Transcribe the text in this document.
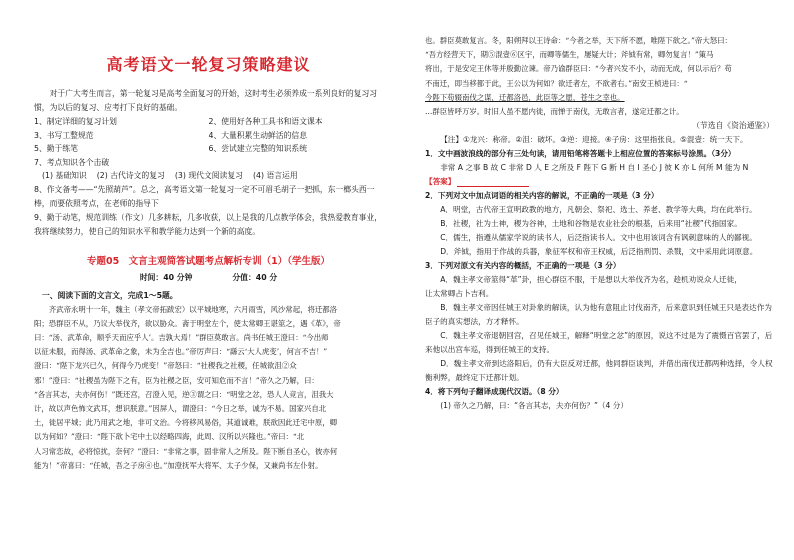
高考语文一轮复习策略建议

对于广大考生而言，第一轮复习是高考全面复习的开始，这时考生必须养成一系列良好的复习习惯，为以后的复习、应考打下良好的基础。

1、制定详细的复习计划	2、使用好各种工具书和语文课本
3、书写工整规范	4、大量积累生动鲜活的信息
5、勤于练笔	6、尝试建立完整的知识系统
7、考点知识各个击破
(1) 基础知识 (2) 古代诗文的复习 (3) 现代文阅读复习 (4) 语言运用

8、作文备考——“先照葫芦”。总之，高考语文第一轮复习一定不可眉毛胡子一把抓，东一榔头西一棒，而要依照考点，在老师的指导下

9、勤于动笔，规范训练（作文）几多耕耘，几多收获，以上是我的几点教学体会，我热爱教育事业，我将继续努力，使自己的知识水平和教学能力达到一个新的高度。

专题05　文言主观简答试题考点解析专训（1）（学生版）
时间：40 分钟	分值：40 分
一、阅读下面的文言文，完成1～5题。

齐武帝永明十一年，魏主（孝文帝拓跋宏）以平城地寒，六月雨雪，风沙常起，将迁都洛

阳；恐群臣不从，乃议大举伐齐，欲以胁众。斋于明堂左个，使太常卿王谌筮之，遇《革》，帝

曰：“汤、武革命，顺乎天而应乎人’。吉孰大焉！”群臣莫敢言。尚书任城王澄曰：“今出师

以征未服，而得汤、武革命之象，未为全吉也。”帝厉声曰：“繇云‘大人虎变’，何言不吉！”

澄曰：“陛下龙兴已久，何得今乃虎变！”帝怒曰：“社稷我之社稷，任城欲沮②众

邪！”澄曰：“社稷虽为陛下之有，臣为社稷之臣，安可知危而不言！”帝久之乃解，曰：

“各言其志，夫亦何伤！”既还宫，召澄入见，逆③谓之曰：“明堂之忿，恐人人竞言，沮我大

计，故以声色怖文武耳，想识朕意。”因屏人，谓澄曰：“今日之举，诚为不易。国家兴自北

土，徙居平城；此乃用武之地，非可文治。今将移风易俗，其道诚难，朕欲因此迁宅中原，卿

以为何如？”澄曰：“陛下欲卜宅中土以经略四海，此周、汉所以兴隆也。”帝曰：“北

人习常恋故，必将惊扰，奈何？”澄曰：“非常之事，固非常人之所及。陛下断自圣心，彼亦何

能为！”帝喜曰：“任城，吾之子房④也。”加澄抚军大将军、太子少保，又兼尚书左仆射。

也。群臣莫敢复言。冬，阳朔拜以王诗命：“今者之举，天下所不愿，唯陛下欲之。”帝大怒曰：

“吾方经营天下，期⑤混壹⑥区宇，而卿等儒生，屡疑大计；斧钺有常，卿勿复言！”策马

将出，于是安定王休等并殷勤泣谏。帝乃谕群臣曰：“今者兴发不小，动而无成，何以示后？苟

不南迁，即当移都于此，王公以为何如？欲迁者左，不欲者右。”南安王桢进曰：“

今陛下苟辍南伐之谋，迁都洛邑，此臣等之愿，苍生之幸也。

…群臣皆呼万岁。时旧人虽不愿内徙，而惮于南伐，无敢言者，遂定迁都之计。

（节选自《资治通鉴》）

【注】①龙兴：称帝。②沮：破坏。③逆：迎接。④子房：这里指张良。⑤混壹：统一天下。

1．文中画波浪线的部分有三处句读，请用铅笔将答题卡上相应位置的答案标号涂黑。（3分）

非常 A 之事 B 故 C 非常 D 人 E 之所及 F 陛下 G 断 H 自 I 圣心 J 彼 K 亦 L 何所 M 能为 N

【答案】

2．下列对文中加点词语的相关内容的解说，不正确的一项是（3 分）

A．明堂，古代帝王宣明政教的地方，凡朝会、祭祀、选士、养老、教学等大典，均在此举行。

B．社稷，社为土神，稷为谷神，土地和谷物是农业社会的根基，后来用“社稷”代指国家。

C．儒生，指遵从儒家学说的读书人，后泛指读书人。文中也用该词含有讽刺意味的人的鄙视。

D．斧钺，指用于作战的兵器，象征军权和帝王权威，后泛指刑罚、杀戮，文中采用此词原意。

3．下列对原文有关内容的概括，不正确的一项是（3 分）

A．魏主孝文帝筮得“革”卦，担心群臣不服，于是想以大举伐齐为名，趁机劝说众人迁徙，

让太常卿占卜吉利。

B．魏主孝文帝因任城王对卦象的解读，认为他有意阻止讨伐南齐，后来意识到任城王只是表达作为臣子的真实想法，方才释怀。

C．魏主孝文帝退朝回宫，召见任城王，解释“明堂之忿”的原因，说这不过是为了震慑百官罢了，后来他以出宫车巡，得到任城王的支持。

D．魏主孝文帝到达洛阳后，仍有大臣反对迁都，他同群臣谈判，并借出南伐迁都两种选择，令人权衡利弊，最终定下迁都计划。

4．将下列句子翻译成现代汉语。（8 分）

(1) 帝久之乃解，曰：“各言其志，夫亦何伤？”（4 分）
